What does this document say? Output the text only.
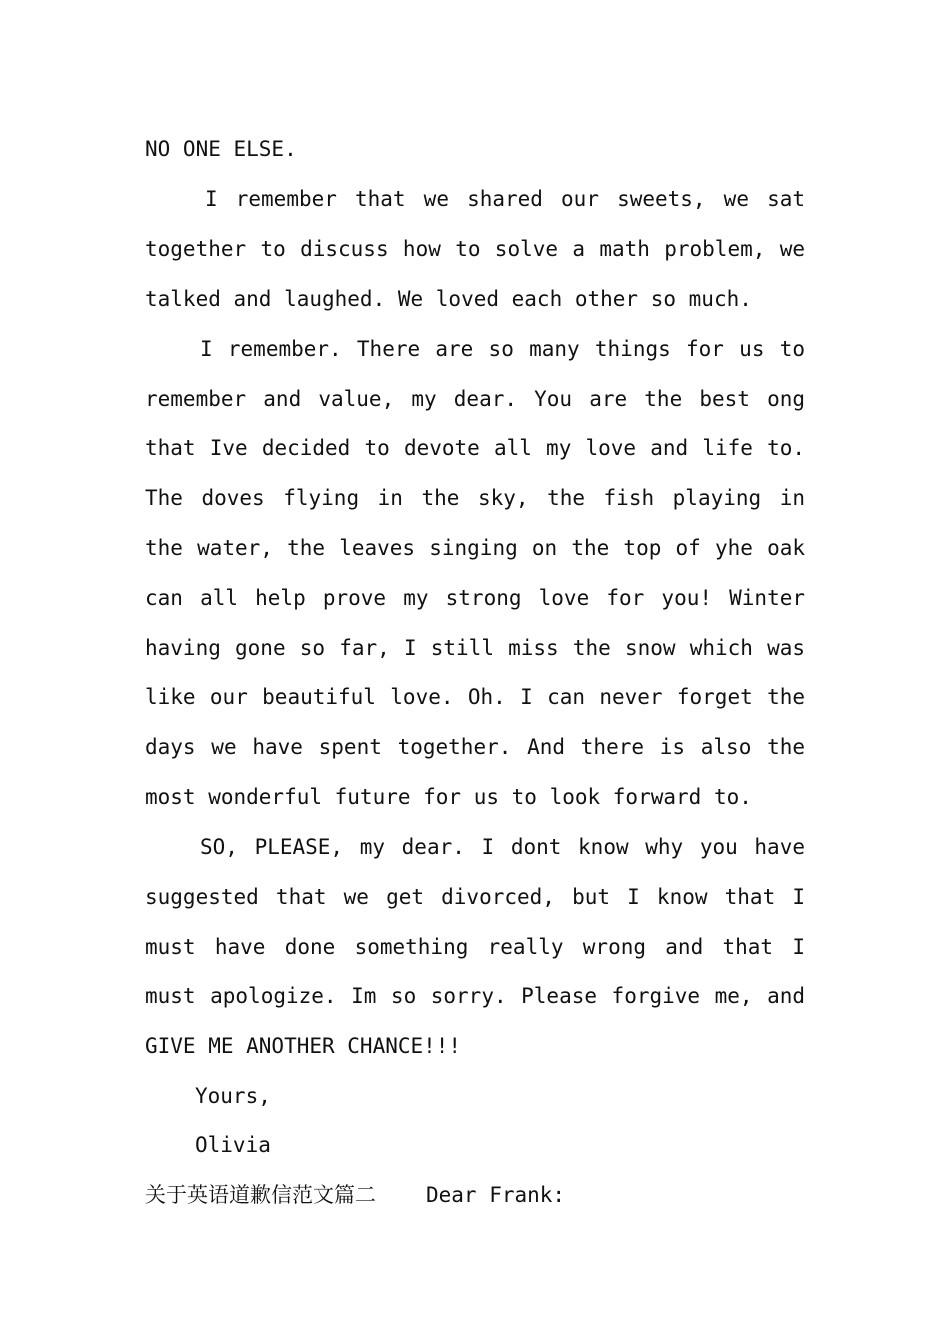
NO ONE ELSE.
I remember that we shared our sweets, we sat
together to discuss how to solve a math problem, we
talked and laughed. We loved each other so much.
I remember. There are so many things for us to
remember and value, my dear. You are the best ong
that Ive decided to devote all my love and life to.
The doves flying in the sky, the fish playing in
the water, the leaves singing on the top of yhe oak
can all help prove my strong love for you! Winter
having gone so far, I still miss the snow which was
like our beautiful love. Oh. I can never forget the
days we have spent together. And there is also the
most wonderful future for us to look forward to.
SO, PLEASE, my dear. I dont know why you have
suggested that we get divorced, but I know that I
must have done something really wrong and that I
must apologize. Im so sorry. Please forgive me, and
GIVE ME ANOTHER CHANCE!!!
Yours,
Olivia
关于英语道歉信范文篇二 Dear Frank:
